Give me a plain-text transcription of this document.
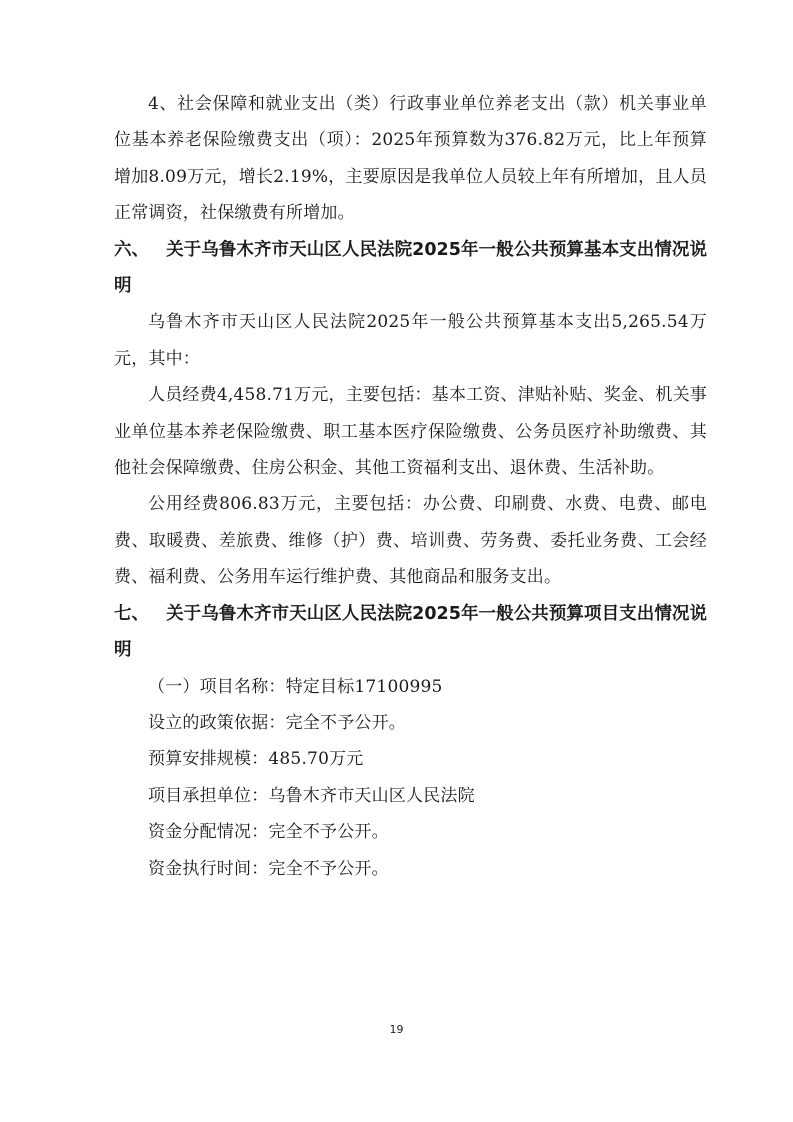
4、社会保障和就业支出（类）行政事业单位养老支出（款）机关事业单位基本养老保险缴费支出（项）：2025年预算数为376.82万元，比上年预算增加8.09万元，增长2.19%，主要原因是我单位人员较上年有所增加，且人员正常调资，社保缴费有所增加。

六、 关于乌鲁木齐市天山区人民法院2025年一般公共预算基本支出情况说明

乌鲁木齐市天山区人民法院2025年一般公共预算基本支出5,265.54万元，其中：

人员经费4,458.71万元，主要包括：基本工资、津贴补贴、奖金、机关事业单位基本养老保险缴费、职工基本医疗保险缴费、公务员医疗补助缴费、其他社会保障缴费、住房公积金、其他工资福利支出、退休费、生活补助。

公用经费806.83万元，主要包括：办公费、印刷费、水费、电费、邮电费、取暖费、差旅费、维修（护）费、培训费、劳务费、委托业务费、工会经费、福利费、公务用车运行维护费、其他商品和服务支出。

七、 关于乌鲁木齐市天山区人民法院2025年一般公共预算项目支出情况说明

（一）项目名称：特定目标17100995

设立的政策依据：完全不予公开。

预算安排规模：485.70万元

项目承担单位：乌鲁木齐市天山区人民法院

资金分配情况：完全不予公开。

资金执行时间：完全不予公开。

19
